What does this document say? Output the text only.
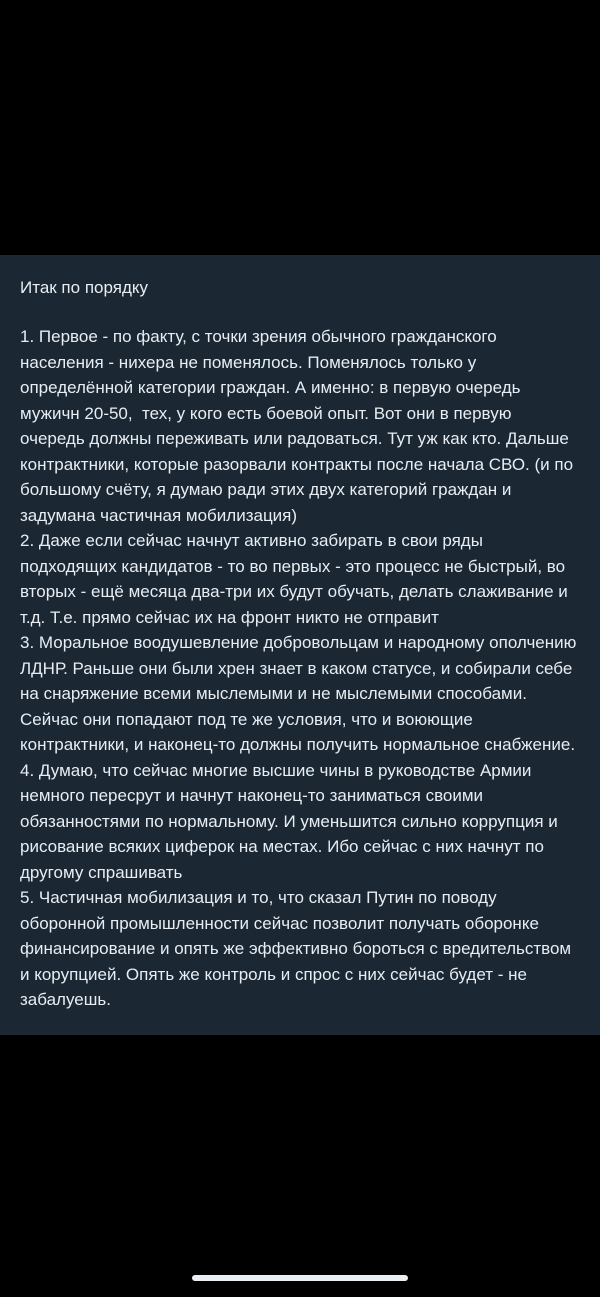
Итак по порядку

1. Первое - по факту, с точки зрения обычного гражданского населения - нихера не поменялось. Поменялось только у определённой категории граждан. А именно: в первую очередь мужичн 20-50,  тех, у кого есть боевой опыт. Вот они в первую очередь должны переживать или радоваться. Тут уж как кто. Дальше контрактники, которые разорвали контракты после начала СВО. (и по большому счёту, я думаю ради этих двух категорий граждан и задумана частичная мобилизация)

2. Даже если сейчас начнут активно забирать в свои ряды подходящих кандидатов - то во первых - это процесс не быстрый, во вторых - ещё месяца два-три их будут обучать, делать слаживание и т.д. Т.е. прямо сейчас их на фронт никто не отправит

3. Моральное воодушевление добровольцам и народному ополчению ЛДНР. Раньше они были хрен знает в каком статусе, и собирали себе на снаряжение всеми мыслемыми и не мыслемыми способами. Сейчас они попадают под те же условия, что и воюющие контрактники, и наконец-то должны получить нормальное снабжение.

4. Думаю, что сейчас многие высшие чины в руководстве Армии немного пересрут и начнут наконец-то заниматься своими обязанностями по нормальному. И уменьшится сильно коррупция и рисование всяких циферок на местах. Ибо сейчас с них начнут по другому спрашивать

5. Частичная мобилизация и то, что сказал Путин по поводу оборонной промышленности сейчас позволит получать оборонке финансирование и опять же эффективно бороться с вредительством и корупцией. Опять же контроль и спрос с них сейчас будет - не забалуешь.
